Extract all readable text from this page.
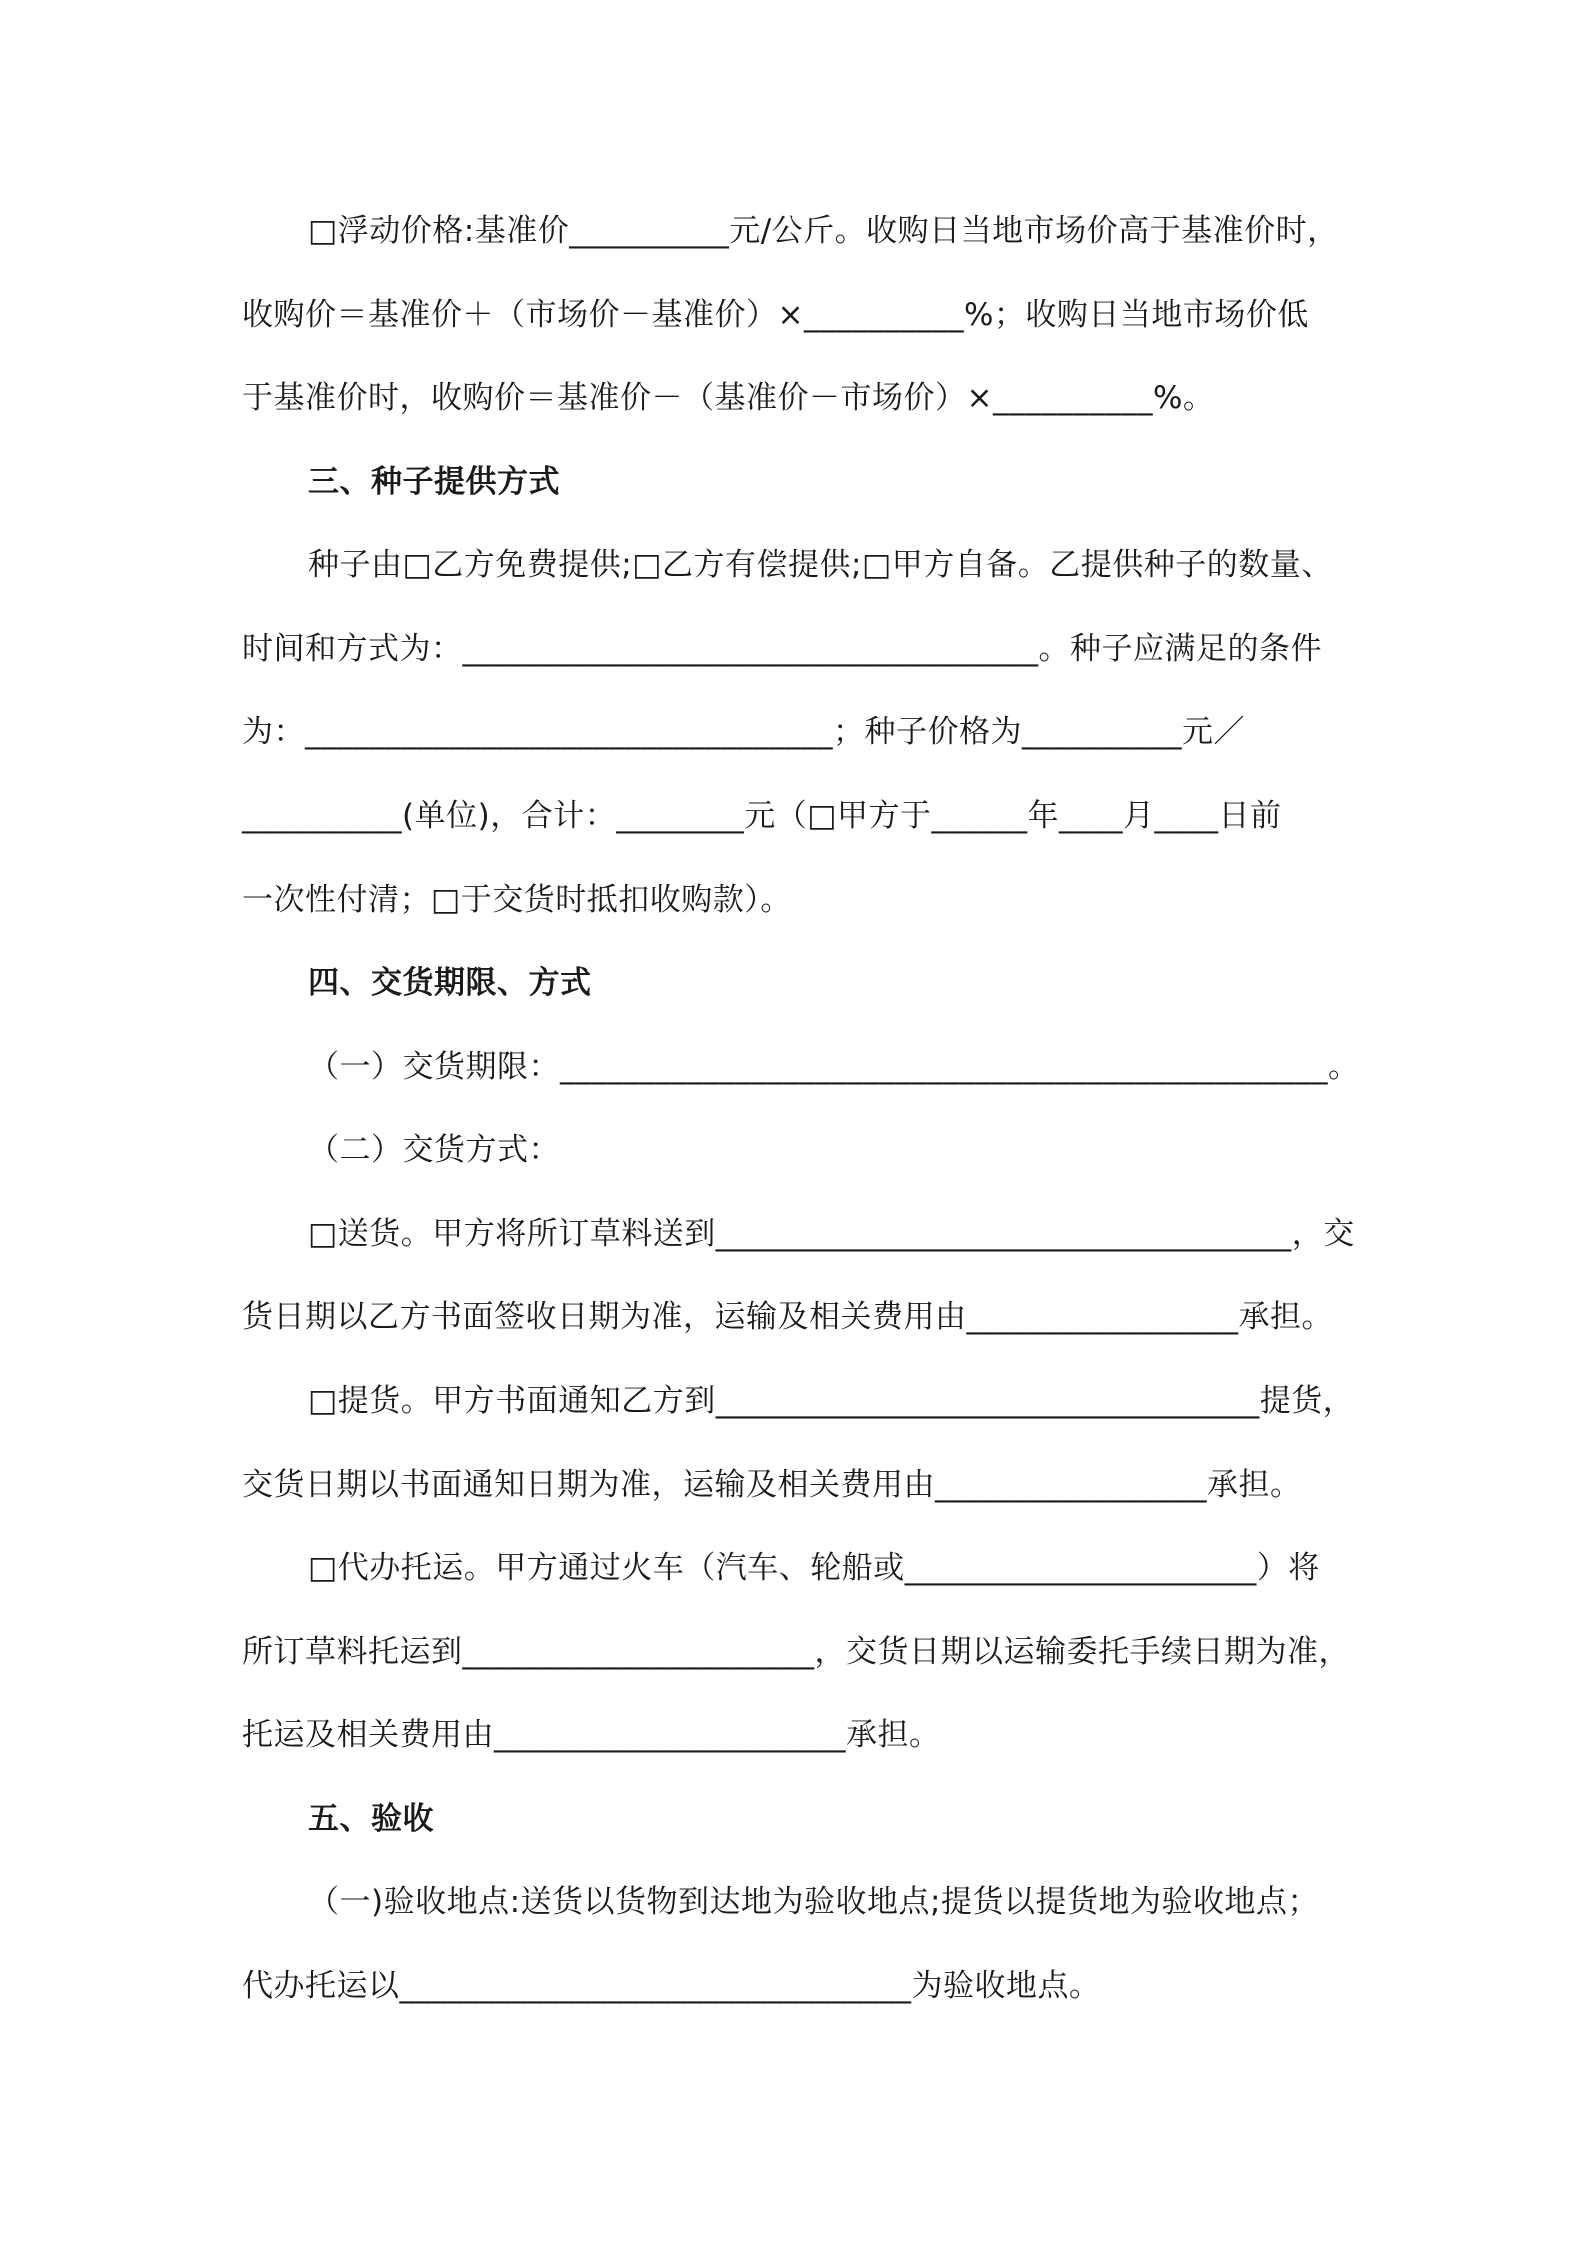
□浮动价格:基准价__________元/公斤。收购日当地市场价高于基准价时，
收购价＝基准价＋（市场价－基准价）×__________%；收购日当地市场价低
于基准价时，收购价＝基准价－（基准价－市场价）×__________%。
三、种子提供方式
种子由□乙方免费提供;□乙方有偿提供;□甲方自备。乙提供种子的数量、
时间和方式为：____________________________________。种子应满足的条件
为：_________________________________；种子价格为__________元／
__________(单位)，合计：________元（□甲方于______年____月____日前
一次性付清；□于交货时抵扣收购款）。
四、交货期限、方式
（一）交货期限：________________________________________________。
（二）交货方式：
□送货。甲方将所订草料送到____________________________________，交
货日期以乙方书面签收日期为准，运输及相关费用由_________________承担。
□提货。甲方书面通知乙方到__________________________________提货，
交货日期以书面通知日期为准，运输及相关费用由_________________承担。
□代办托运。甲方通过火车（汽车、轮船或______________________）将
所订草料托运到______________________，交货日期以运输委托手续日期为准，
托运及相关费用由______________________承担。
五、验收
（一)验收地点:送货以货物到达地为验收地点;提货以提货地为验收地点；
代办托运以________________________________为验收地点。
